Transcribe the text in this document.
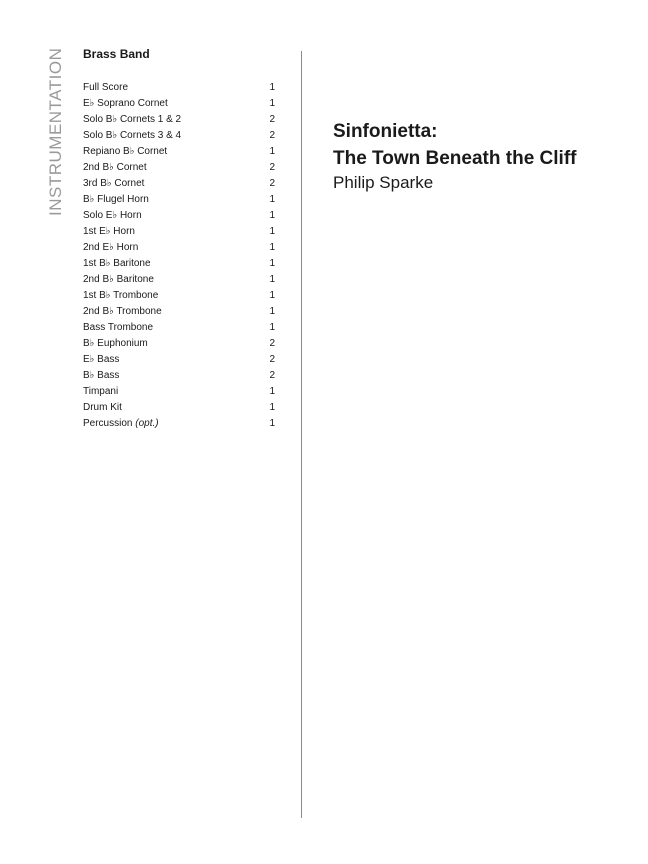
INSTRUMENTATION Brass Band
Full Score	1
E♭ Soprano Cornet	1
Solo B♭ Cornets 1 & 2	2
Solo B♭ Cornets 3 & 4	2
Repiano B♭ Cornet	1
2nd B♭ Cornet	2
3rd B♭ Cornet	2
B♭ Flugel Horn	1
Solo E♭ Horn	1
1st E♭ Horn	1
2nd E♭ Horn	1
1st B♭ Baritone	1
2nd B♭ Baritone	1
1st B♭ Trombone	1
2nd B♭ Trombone	1
Bass Trombone	1
B♭ Euphonium	2
E♭ Bass	2
B♭ Bass	2
Timpani	1
Drum Kit	1
Percussion (opt.)	1
Sinfonietta:
The Town Beneath the Cliff
Philip Sparke
